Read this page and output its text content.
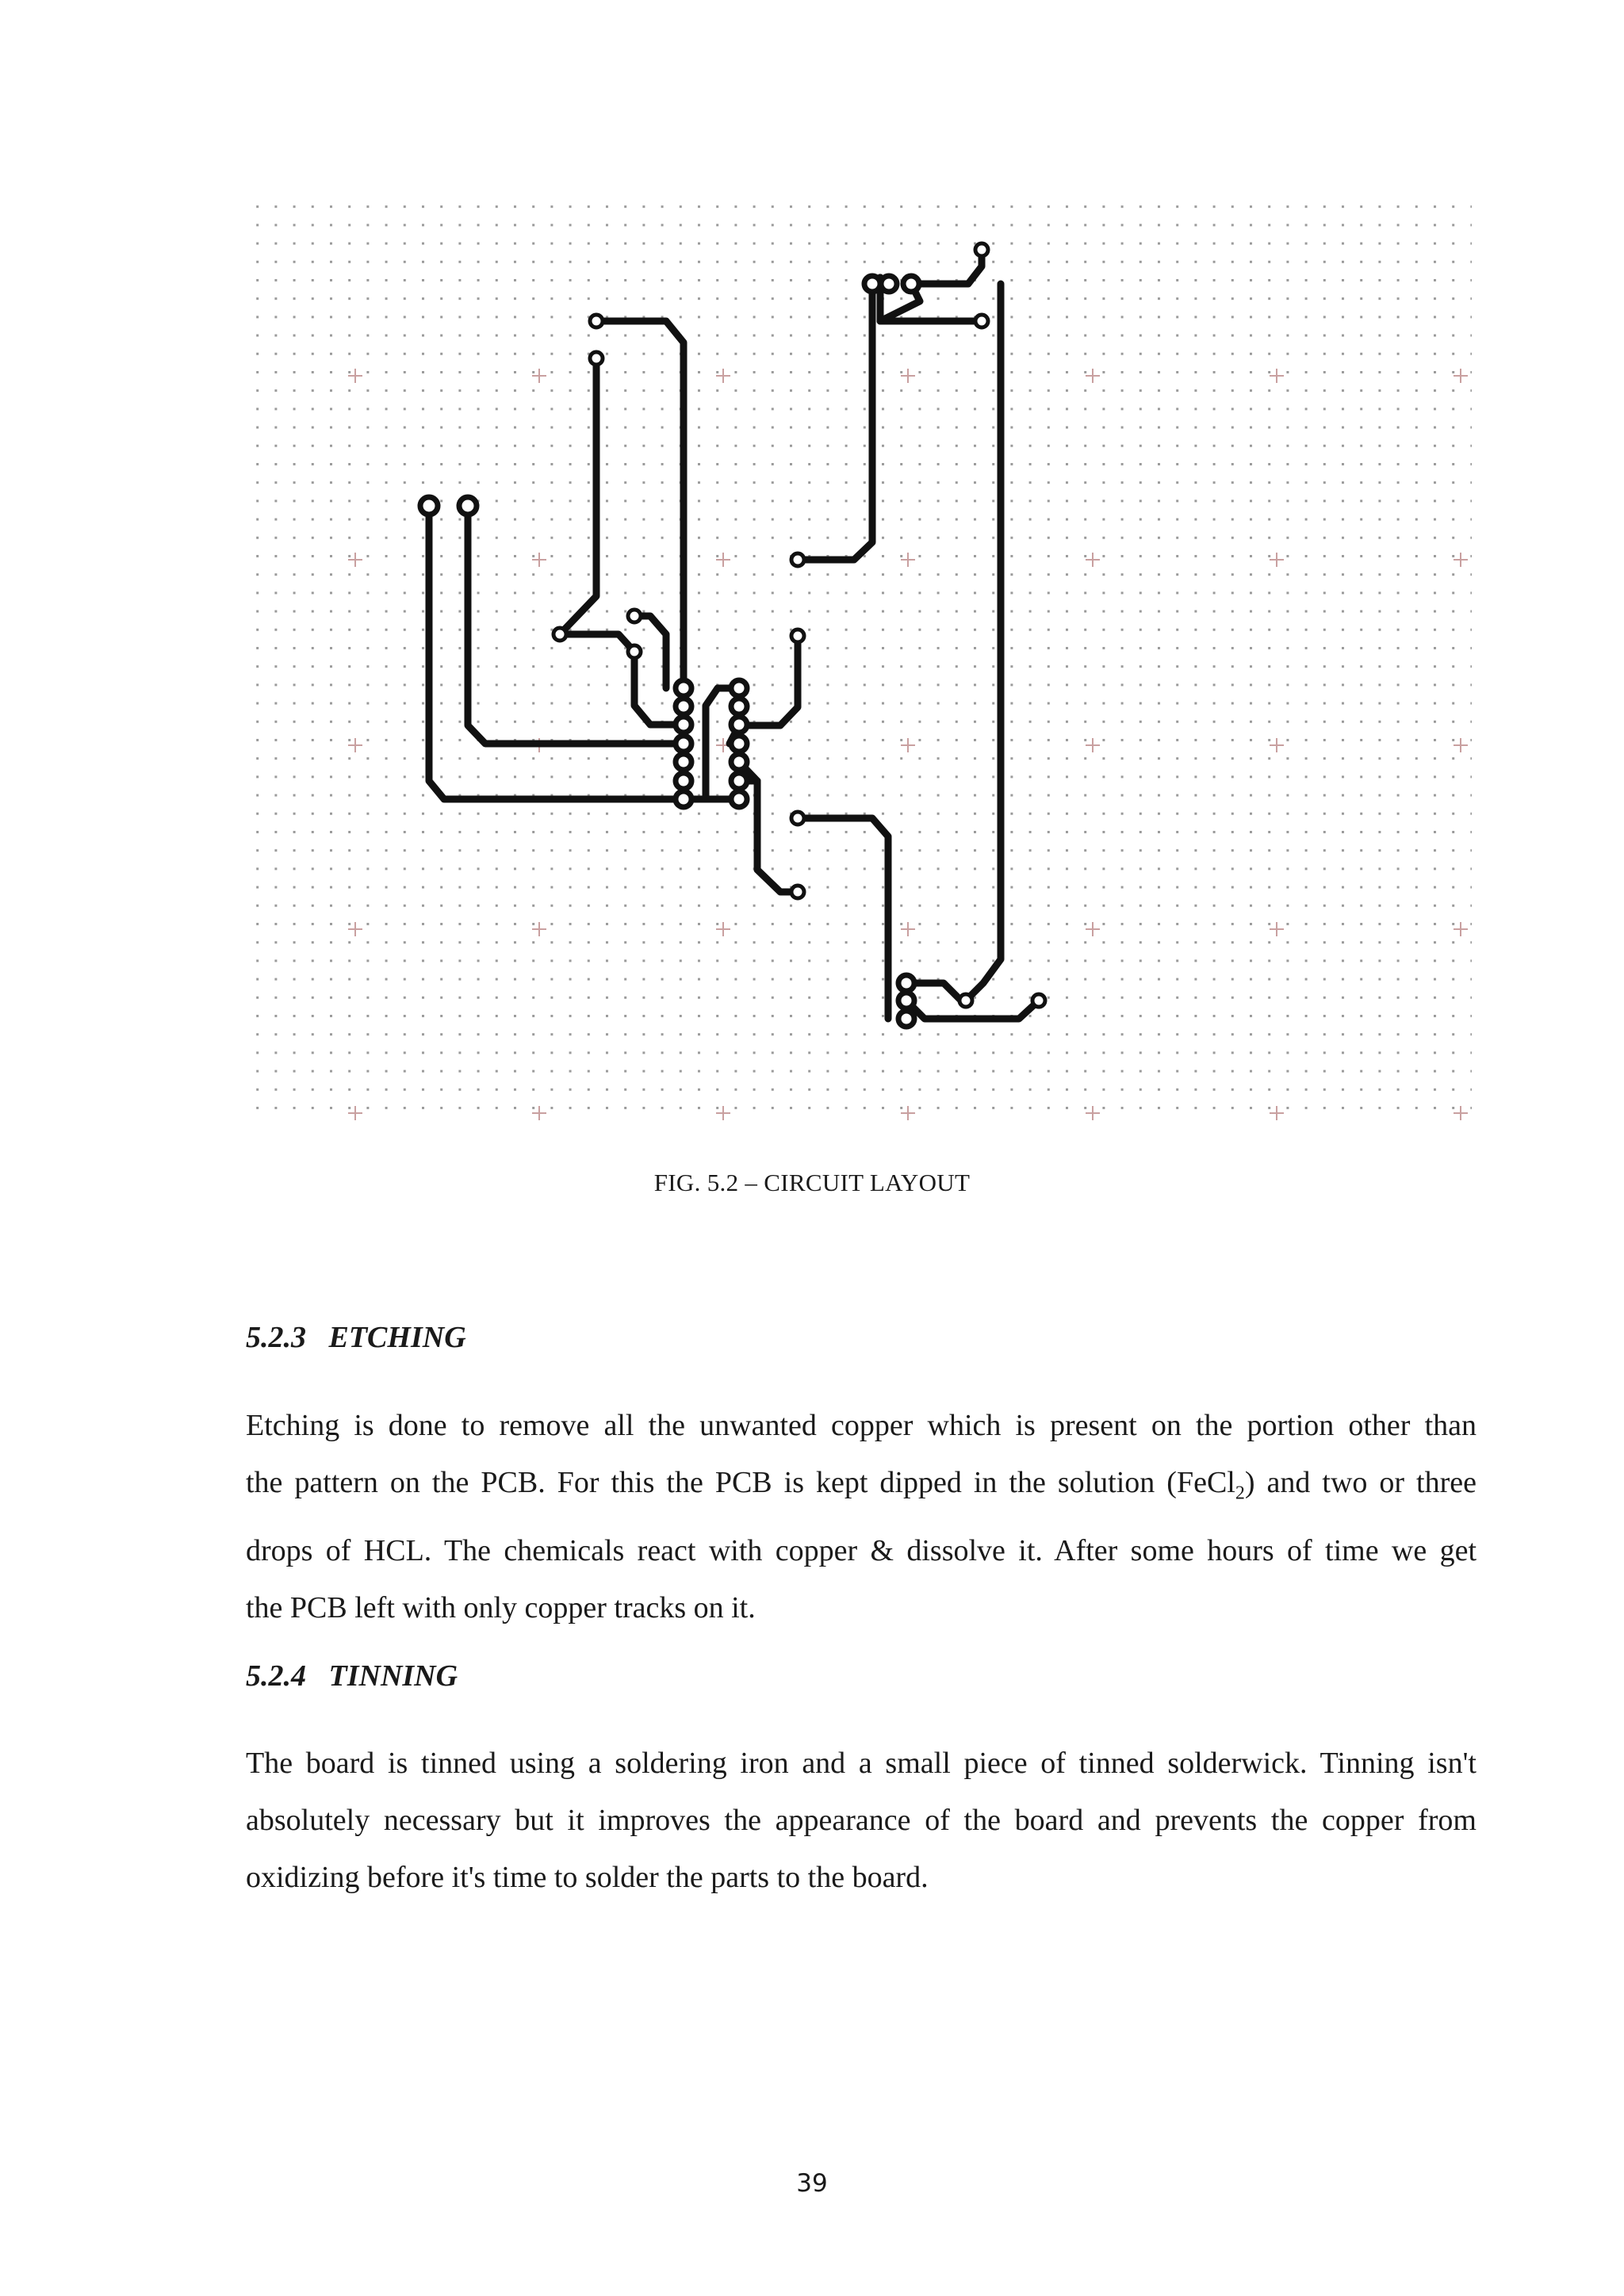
FIG. 5.2 – CIRCUIT LAYOUT
5.2.3 ETCHING
Etching is done to remove all the unwanted copper which is present on the portion other than
the pattern on the PCB. For this the PCB is kept dipped in the solution (FeCl$_2$) and two or three
drops of HCL. The chemicals react with copper & dissolve it. After some hours of time we get
the PCB left with only copper tracks on it.
5.2.4 TINNING
The board is tinned using a soldering iron and a small piece of tinned solderwick. Tinning isn't
absolutely necessary but it improves the appearance of the board and prevents the copper from
oxidizing before it's time to solder the parts to the board.
39
